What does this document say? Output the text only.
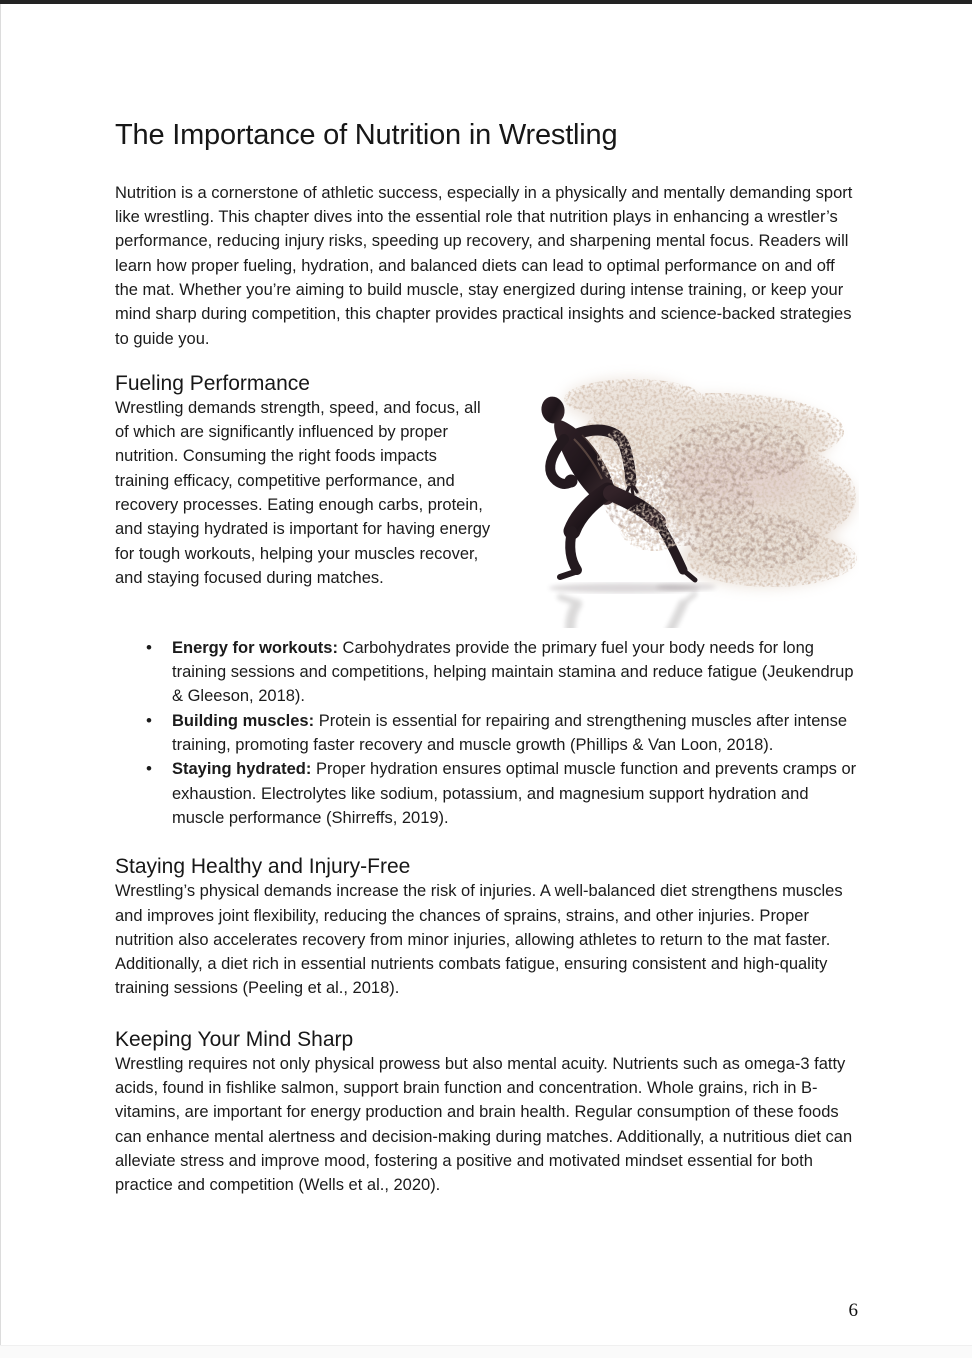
The Importance of Nutrition in Wrestling

Nutrition is a cornerstone of athletic success, especially in a physically and mentally demanding sport like wrestling. This chapter dives into the essential role that nutrition plays in enhancing a wrestler’s performance, reducing injury risks, speeding up recovery, and sharpening mental focus. Readers will learn how proper fueling, hydration, and balanced diets can lead to optimal performance on and off the mat. Whether you’re aiming to build muscle, stay energized during intense training, or keep your mind sharp during competition, this chapter provides practical insights and science-backed strategies to guide you.

Fueling Performance

Wrestling demands strength, speed, and focus, all of which are significantly influenced by proper nutrition. Consuming the right foods impacts training efficacy, competitive performance, and recovery processes. Eating enough carbs, protein, and staying hydrated is important for having energy for tough workouts, helping your muscles recover, and staying focused during matches.

• Energy for workouts: Carbohydrates provide the primary fuel your body needs for long training sessions and competitions, helping maintain stamina and reduce fatigue (Jeukendrup & Gleeson, 2018).
• Building muscles: Protein is essential for repairing and strengthening muscles after intense training, promoting faster recovery and muscle growth (Phillips & Van Loon, 2018).
• Staying hydrated: Proper hydration ensures optimal muscle function and prevents cramps or exhaustion. Electrolytes like sodium, potassium, and magnesium support hydration and muscle performance (Shirreffs, 2019).
Staying Healthy and Injury-Free

Wrestling’s physical demands increase the risk of injuries. A well-balanced diet strengthens muscles and improves joint flexibility, reducing the chances of sprains, strains, and other injuries. Proper nutrition also accelerates recovery from minor injuries, allowing athletes to return to the mat faster. Additionally, a diet rich in essential nutrients combats fatigue, ensuring consistent and high-quality training sessions (Peeling et al., 2018).

Keeping Your Mind Sharp

Wrestling requires not only physical prowess but also mental acuity. Nutrients such as omega-3 fatty acids, found in fishlike salmon, support brain function and concentration. Whole grains, rich in B-vitamins, are important for energy production and brain health. Regular consumption of these foods can enhance mental alertness and decision-making during matches. Additionally, a nutritious diet can alleviate stress and improve mood, fostering a positive and motivated mindset essential for both practice and competition (Wells et al., 2020).

6
